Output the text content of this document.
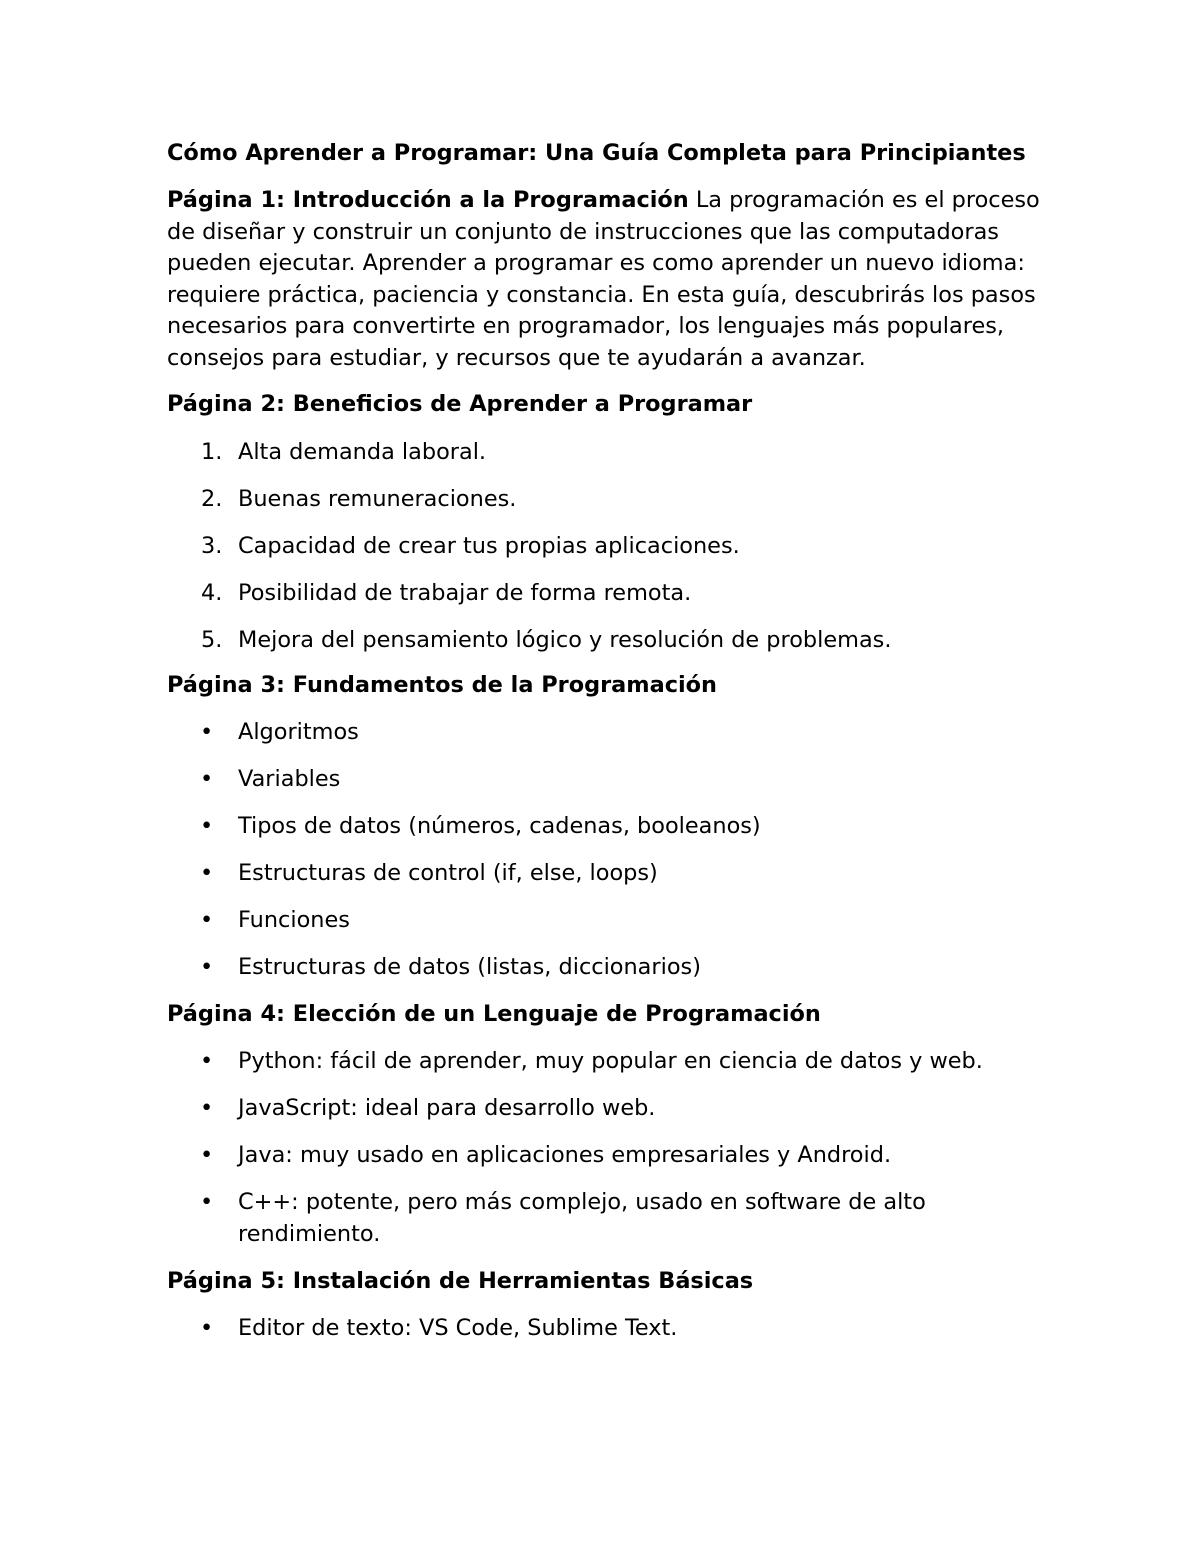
Cómo Aprender a Programar: Una Guía Completa para Principiantes

Página 1: Introducción a la Programación La programación es el proceso de diseñar y construir un conjunto de instrucciones que las computadoras pueden ejecutar. Aprender a programar es como aprender un nuevo idioma: requiere práctica, paciencia y constancia. En esta guía, descubrirás los pasos necesarios para convertirte en programador, los lenguajes más populares, consejos para estudiar, y recursos que te ayudarán a avanzar.

Página 2: Beneficios de Aprender a Programar
1. Alta demanda laboral.
2. Buenas remuneraciones.
3. Capacidad de crear tus propias aplicaciones.
4. Posibilidad de trabajar de forma remota.
5. Mejora del pensamiento lógico y resolución de problemas.
Página 3: Fundamentos de la Programación
•	Algoritmos
•	Variables
•	Tipos de datos (números, cadenas, booleanos)
•	Estructuras de control (if, else, loops)
•	Funciones
•	Estructuras de datos (listas, diccionarios)
Página 4: Elección de un Lenguaje de Programación
•	Python: fácil de aprender, muy popular en ciencia de datos y web.
•	JavaScript: ideal para desarrollo web.
•	Java: muy usado en aplicaciones empresariales y Android.
•	C++: potente, pero más complejo, usado en software de alto rendimiento.
Página 5: Instalación de Herramientas Básicas
•	Editor de texto: VS Code, Sublime Text.
